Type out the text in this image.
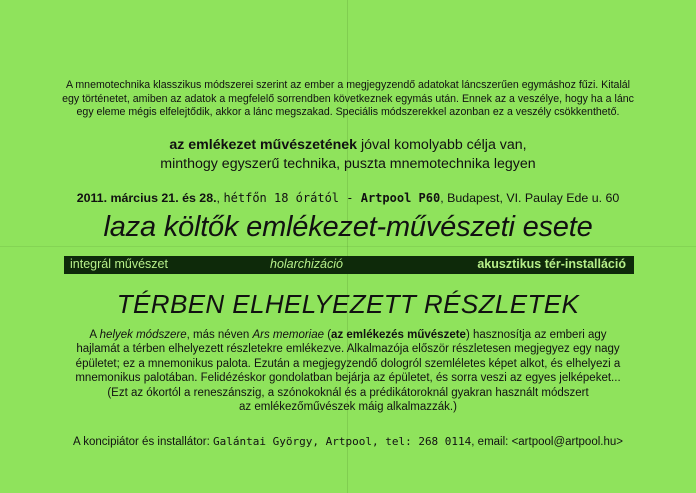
A mnemotechnika klasszikus módszerei szerint az ember a megjegyzendő adatokat láncszerűen egymáshoz fűzi. Kitalál
egy történetet, amiben az adatok a megfelelő sorrendben következnek egymás után. Ennek az a veszélye, hogy ha a lánc
egy eleme mégis elfelejtődik, akkor a lánc megszakad. Speciális módszerekkel azonban ez a veszély csökkenthető.
az emlékezet művészetének jóval komolyabb célja van,
minthogy egyszerű technika, puszta mnemotechnika legyen
2011. március 21. és 28., hétfőn 18 órától - Artpool P60, Budapest, VI. Paulay Ede u. 60
laza költők emlékezet-művészeti esete
integrál művészet	holarchizáció	akusztikus tér-installáció
TÉRBEN ELHELYEZETT RÉSZLETEK
A helyek módszere, más néven Ars memoriae (az emlékezés művészete) hasznosítja az emberi agy
hajlamát a térben elhelyezett részletekre emlékezve. Alkalmazója először részletesen megjegyez egy nagy
épületet; ez a mnemonikus palota. Ezután a megjegyzendő dologról szemléletes képet alkot, és elhelyezi a
mnemonikus palotában. Felidézéskor gondolatban bejárja az épületet, és sorra veszi az egyes jelképeket...
(Ezt az ókortól a reneszánszig, a szónokoknál és a prédikátoroknál gyakran használt módszert
az emlékezőművészek máig alkalmazzák.)
A koncipiátor és installátor: Galántai György, Artpool, tel: 268 0114, email: <artpool@artpool.hu>
